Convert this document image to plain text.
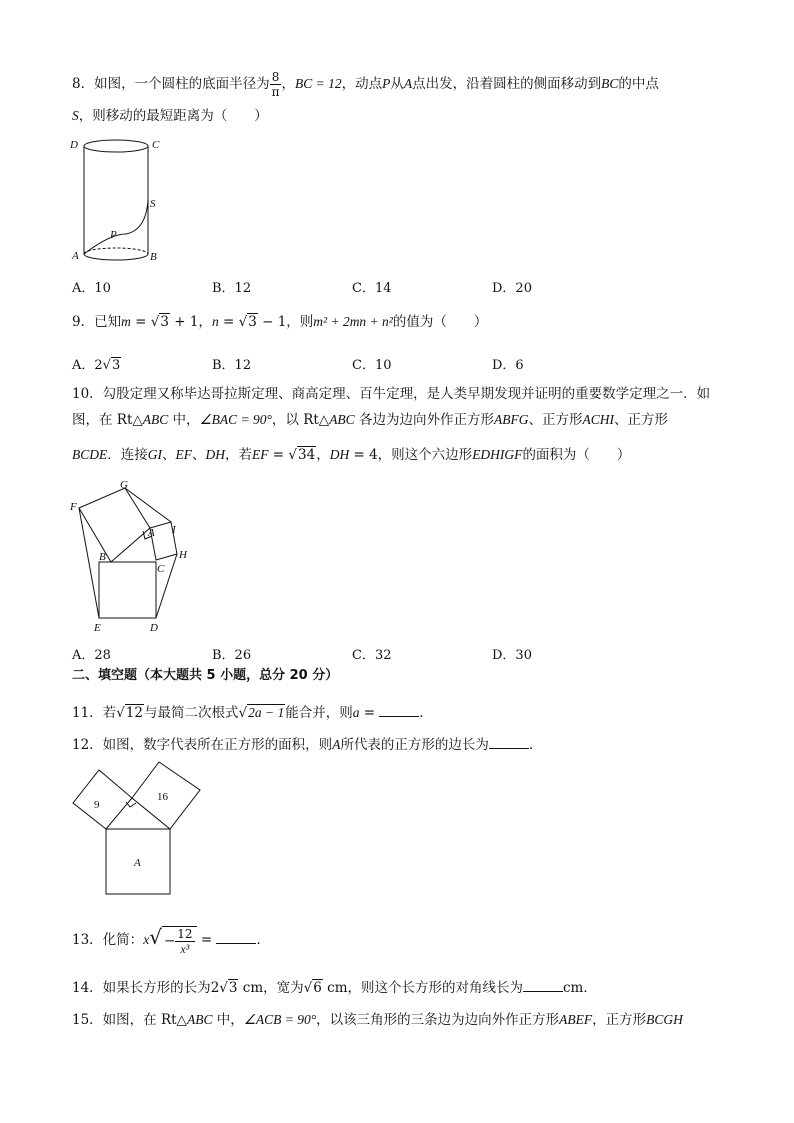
8．如图，一个圆柱的底面半径为 $\frac{8}{\pi}$ ，BC = 12，动点P从A点出发，沿着圆柱的侧面移动到BC的中点
S，则移动的最短距离为（　　）
D	C
S
P
A	B
A．10	B．12	C．14	D．20
9．已知m = √3 + 1，n = √3 − 1，则m² + 2mn + n²的值为（　　）
A．2√3	B．12	C．10	D．6
10．勾股定理又称毕达哥拉斯定理、商高定理、百牛定理，是人类早期发现并证明的重要数学定理之一．如
图，在 Rt△ABC 中，∠BAC = 90°，以 Rt△ABC 各边为边向外作正方形ABFG、正方形ACHI、正方形
BCDE．连接GI、EF、DH，若EF = √34，DH = 4，则这个六边形EDHIGF的面积为（　　）
G
F
A I
B	H
C
E	D
A．28	B．26	C．32	D．30
二、填空题（本大题共 5 小题，总分 20 分）
11．若√12与最简二次根式√2a − 1能合并，则a =	．
12．如图，数字代表所在正方形的面积，则A所代表的正方形的边长为	．
9
16
A
13．化简：$x√ - \frac{12}{\text{x³}}$ =	．
14．如果长方形的长为2√3 cm，宽为√6 cm，则这个长方形的对角线长为	cm．
15．如图，在 Rt△ABC 中，∠ACB = 90°，以该三角形的三条边为边向外作正方形ABEF，正方形BCGH
